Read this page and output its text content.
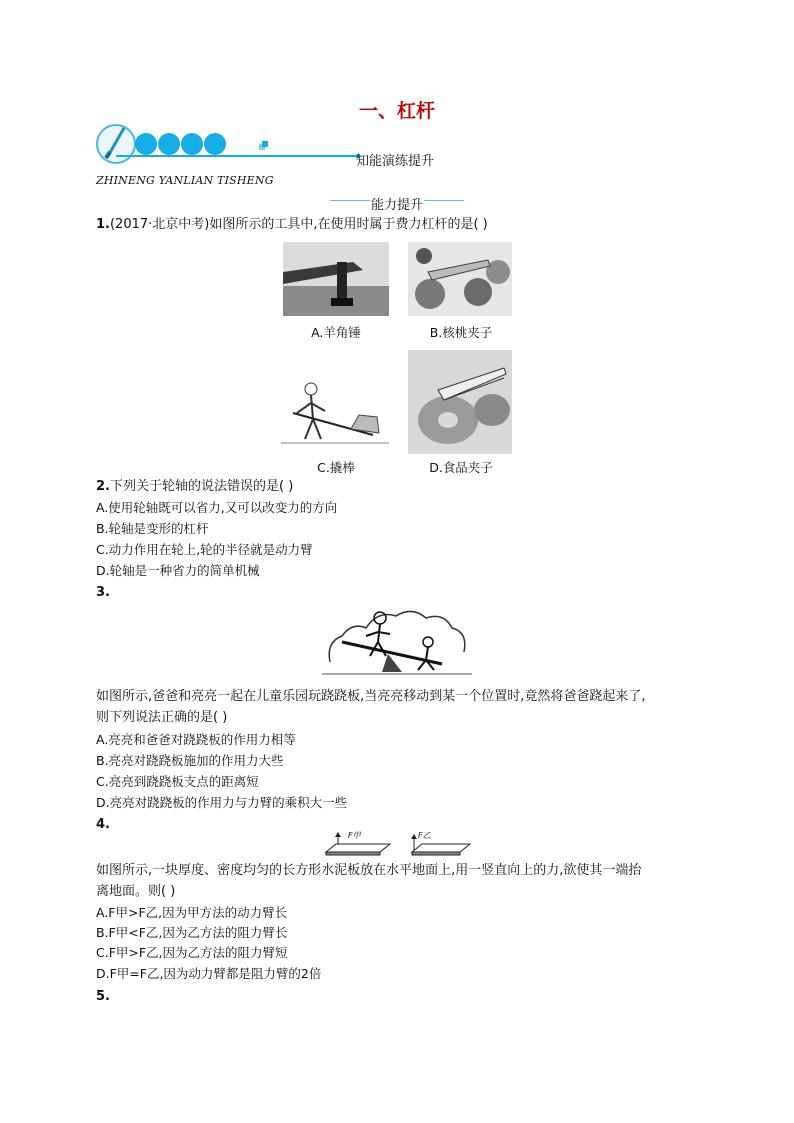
一、杠杆
知能演练提升
ZHINENG YANLIAN TISHENG
能力提升
1.(2017·北京中考)如图所示的工具中,在使用时属于费力杠杆的是( )
A.羊角锤	B.核桃夹子
C.撬棒	D.食品夹子
2.下列关于轮轴的说法错误的是( )
A.使用轮轴既可以省力,又可以改变力的方向
B.轮轴是变形的杠杆
C.动力作用在轮上,轮的半径就是动力臂
D.轮轴是一种省力的简单机械
3.
如图所示,爸爸和亮亮一起在儿童乐园玩跷跷板,当亮亮移动到某一个位置时,竟然将爸爸跷起来了,
则下列说法正确的是( )
A.亮亮和爸爸对跷跷板的作用力相等
B.亮亮对跷跷板施加的作用力大些
C.亮亮到跷跷板支点的距离短
D.亮亮对跷跷板的作用力与力臂的乘积大一些
4.
F甲	F乙
如图所示,一块厚度、密度均匀的长方形水泥板放在水平地面上,用一竖直向上的力,欲使其一端抬
离地面。则( )
A.F甲>F乙,因为甲方法的动力臂长
B.F甲<F乙,因为乙方法的阻力臂长
C.F甲>F乙,因为乙方法的阻力臂短
D.F甲=F乙,因为动力臂都是阻力臂的2倍
5.
